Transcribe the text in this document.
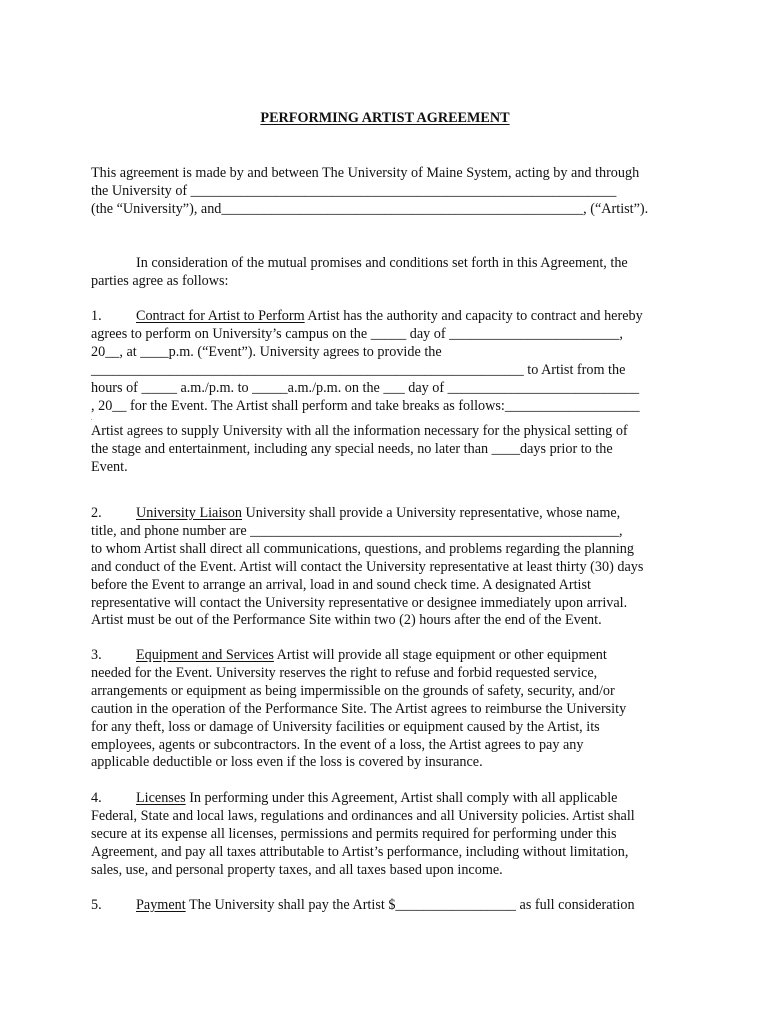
PERFORMING ARTIST AGREEMENT
This agreement is made by and between The University of Maine System, acting by and through
the University of ____________________________________________________________
(the “University”), and___________________________________________________, (“Artist”).
In consideration of the mutual promises and conditions set forth in this Agreement, the
parties agree as follows:
1. Contract for Artist to Perform Artist has the authority and capacity to contract and hereby
agrees to perform on University’s campus on the _____ day of ________________________,
20__, at ____p.m. (“Event”). University agrees to provide the
_____________________________________________________________ to Artist from the
hours of _____ a.m./p.m. to _____a.m./p.m. on the ___ day of ___________________________
, 20__ for the Event. The Artist shall perform and take breaks as follows:___________________
.
Artist agrees to supply University with all the information necessary for the physical setting of
the stage and entertainment, including any special needs, no later than ____days prior to the
Event.
2. University Liaison University shall provide a University representative, whose name,
title, and phone number are ____________________________________________________,
to whom Artist shall direct all communications, questions, and problems regarding the planning
and conduct of the Event. Artist will contact the University representative at least thirty (30) days
before the Event to arrange an arrival, load in and sound check time. A designated Artist
representative will contact the University representative or designee immediately upon arrival.
Artist must be out of the Performance Site within two (2) hours after the end of the Event.
3. Equipment and Services Artist will provide all stage equipment or other equipment
needed for the Event. University reserves the right to refuse and forbid requested service,
arrangements or equipment as being impermissible on the grounds of safety, security, and/or
caution in the operation of the Performance Site. The Artist agrees to reimburse the University
for any theft, loss or damage of University facilities or equipment caused by the Artist, its
employees, agents or subcontractors. In the event of a loss, the Artist agrees to pay any
applicable deductible or loss even if the loss is covered by insurance.
4. Licenses In performing under this Agreement, Artist shall comply with all applicable
Federal, State and local laws, regulations and ordinances and all University policies. Artist shall
secure at its expense all licenses, permissions and permits required for performing under this
Agreement, and pay all taxes attributable to Artist’s performance, including without limitation,
sales, use, and personal property taxes, and all taxes based upon income.
5. Payment The University shall pay the Artist $_________________ as full consideration
